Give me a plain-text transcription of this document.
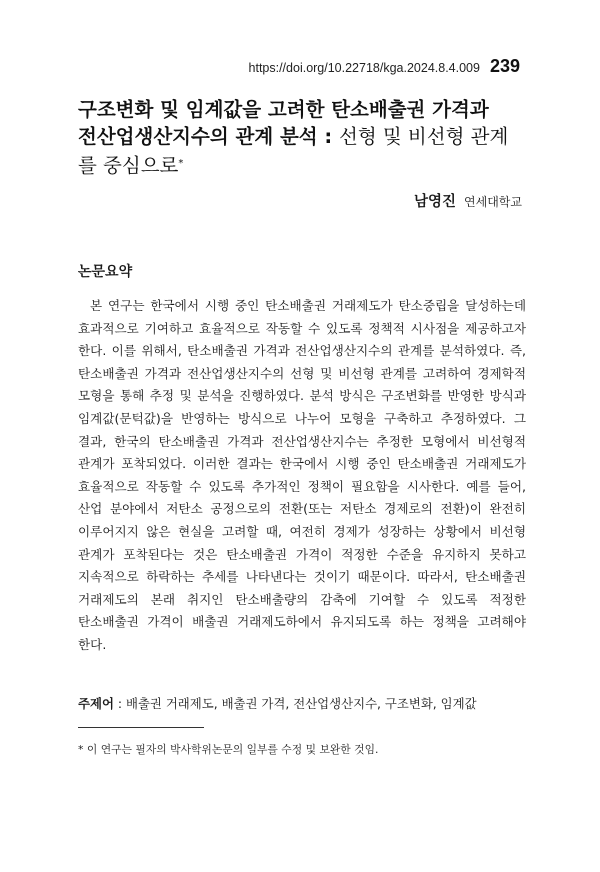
https://doi.org/10.22718/kga.2024.8.4.009 239
구조변화 및 임계값을 고려한 탄소배출권 가격과
전산업생산지수의 관계 분석 : 선형 및 비선형 관계
를 중심으로*
남영진 연세대학교
논문요약

본 연구는 한국에서 시행 중인 탄소배출권 거래제도가 탄소중립을 달성하는데 효과적으로 기여하고 효율적으로 작동할 수 있도록 정책적 시사점을 제공하고자 한다. 이를 위해서, 탄소배출권 가격과 전산업생산지수의 관계를 분석하였다. 즉, 탄소배출권 가격과 전산업생산지수의 선형 및 비선형 관계를 고려하여 경제학적 모형을 통해 추정 및 분석을 진행하였다. 분석 방식은 구조변화를 반영한 방식과 임계값(문턱값)을 반영하는 방식으로 나누어 모형을 구축하고 추정하였다. 그 결과, 한국의 탄소배출권 가격과 전산업생산지수는 추정한 모형에서 비선형적 관계가 포착되었다. 이러한 결과는 한국에서 시행 중인 탄소배출권 거래제도가 효율적으로 작동할 수 있도록 추가적인 정책이 필요함을 시사한다. 예를 들어, 산업 분야에서 저탄소 공정으로의 전환(또는 저탄소 경제로의 전환)이 완전히 이루어지지 않은 현실을 고려할 때, 여전히 경제가 성장하는 상황에서 비선형 관계가 포착된다는 것은 탄소배출권 가격이 적정한 수준을 유지하지 못하고 지속적으로 하락하는 추세를 나타낸다는 것이기 때문이다. 따라서, 탄소배출권 거래제도의 본래 취지인 탄소배출량의 감축에 기여할 수 있도록 적정한 탄소배출권 가격이 배출권 거래제도하에서 유지되도록 하는 정책을 고려해야 한다.

주제어 : 배출권 거래제도, 배출권 가격, 전산업생산지수, 구조변화, 임계값
* 이 연구는 필자의 박사학위논문의 일부를 수정 및 보완한 것임.
